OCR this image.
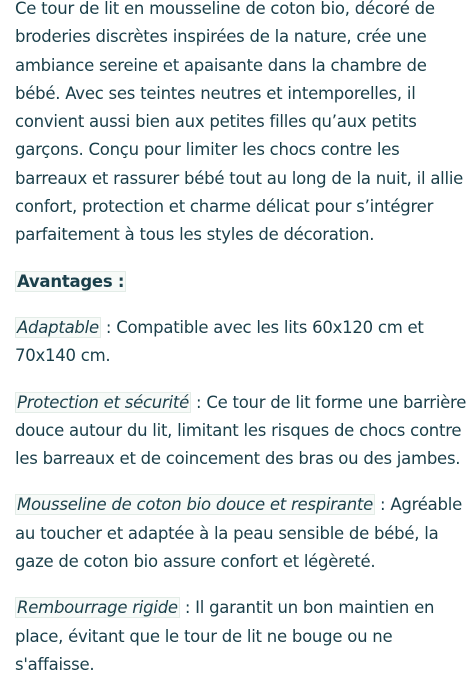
Ce tour de lit en mousseline de coton bio, décoré de broderies discrètes inspirées de la nature, crée une ambiance sereine et apaisante dans la chambre de bébé. Avec ses teintes neutres et intemporelles, il convient aussi bien aux petites filles qu’aux petits garçons. Conçu pour limiter les chocs contre les barreaux et rassurer bébé tout au long de la nuit, il allie confort, protection et charme délicat pour s’intégrer parfaitement à tous les styles de décoration.

Avantages :

Adaptable : Compatible avec les lits 60x120 cm et 70x140 cm.

Protection et sécurité : Ce tour de lit forme une barrière douce autour du lit, limitant les risques de chocs contre les barreaux et de coincement des bras ou des jambes.

Mousseline de coton bio douce et respirante : Agréable au toucher et adaptée à la peau sensible de bébé, la gaze de coton bio assure confort et légèreté.

Rembourrage rigide : Il garantit un bon maintien en place, évitant que le tour de lit ne bouge ou ne s'affaisse.
